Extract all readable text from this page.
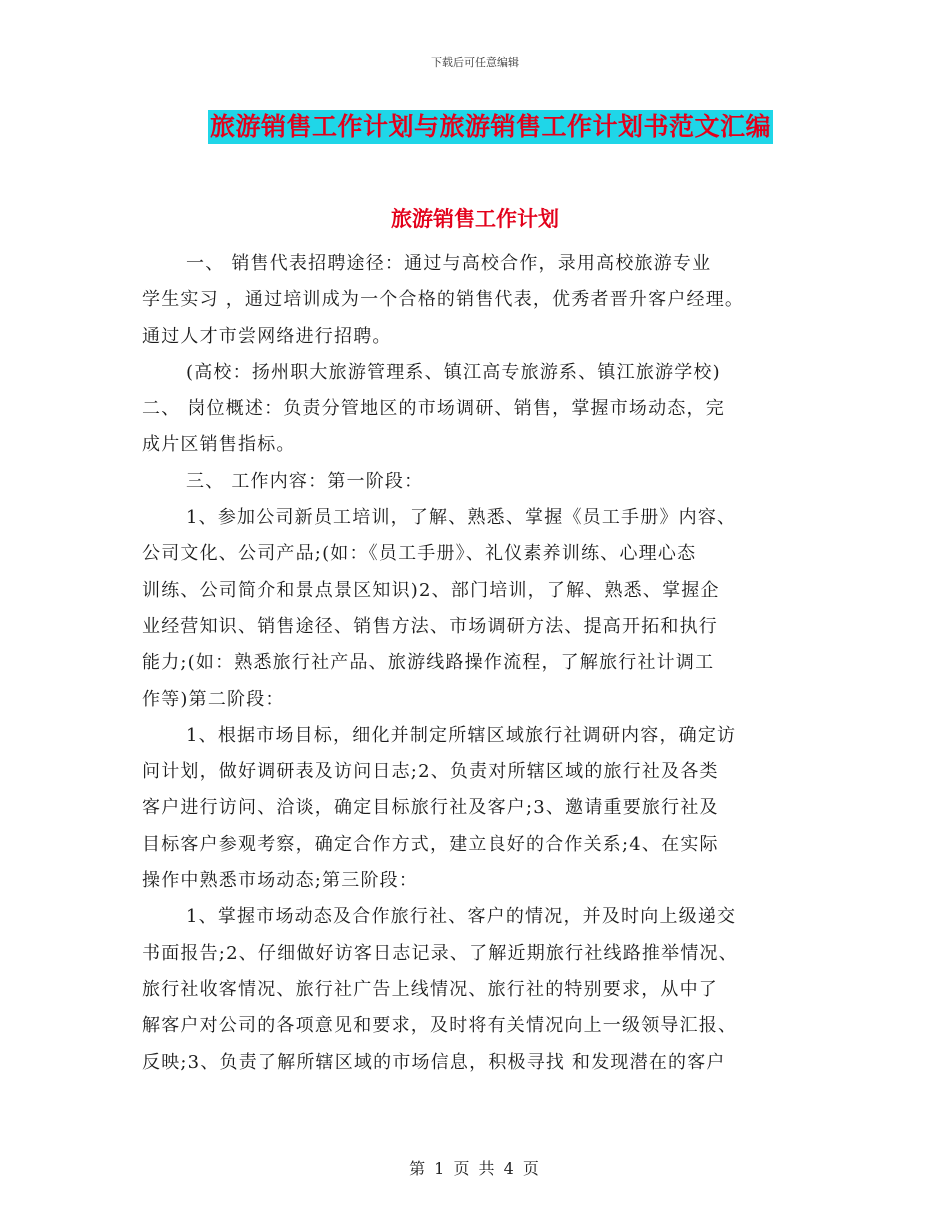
下载后可任意编辑
旅游销售工作计划与旅游销售工作计划书范文汇编
旅游销售工作计划
一、 销售代表招聘途径：通过与高校合作，录用高校旅游专业
学生实习 ，通过培训成为一个合格的销售代表，优秀者晋升客户经理。
通过人才市尝网络进行招聘。
(高校：扬州职大旅游管理系、镇江高专旅游系、镇江旅游学校)
二、 岗位概述：负责分管地区的市场调研、销售，掌握市场动态，完
成片区销售指标。
三、 工作内容：第一阶段：
1、参加公司新员工培训，了解、熟悉、掌握《员工手册》内容、
公司文化、公司产品;(如：《员工手册》、礼仪素养训练、心理心态
训练、公司简介和景点景区知识)2、部门培训，了解、熟悉、掌握企
业经营知识、销售途径、销售方法、市场调研方法、提高开拓和执行
能力;(如：熟悉旅行社产品、旅游线路操作流程，了解旅行社计调工
作等)第二阶段：
1、根据市场目标，细化并制定所辖区域旅行社调研内容，确定访
问计划，做好调研表及访问日志;2、负责对所辖区域的旅行社及各类
客户进行访问、洽谈，确定目标旅行社及客户;3、邀请重要旅行社及
目标客户参观考察，确定合作方式，建立良好的合作关系;4、在实际
操作中熟悉市场动态;第三阶段：
1、掌握市场动态及合作旅行社、客户的情况，并及时向上级递交
书面报告;2、仔细做好访客日志记录、了解近期旅行社线路推举情况、
旅行社收客情况、旅行社广告上线情况、旅行社的特别要求，从中了
解客户对公司的各项意见和要求，及时将有关情况向上一级领导汇报、
反映;3、负责了解所辖区域的市场信息，积极寻找 和发现潜在的客户
第 1 页 共 4 页
